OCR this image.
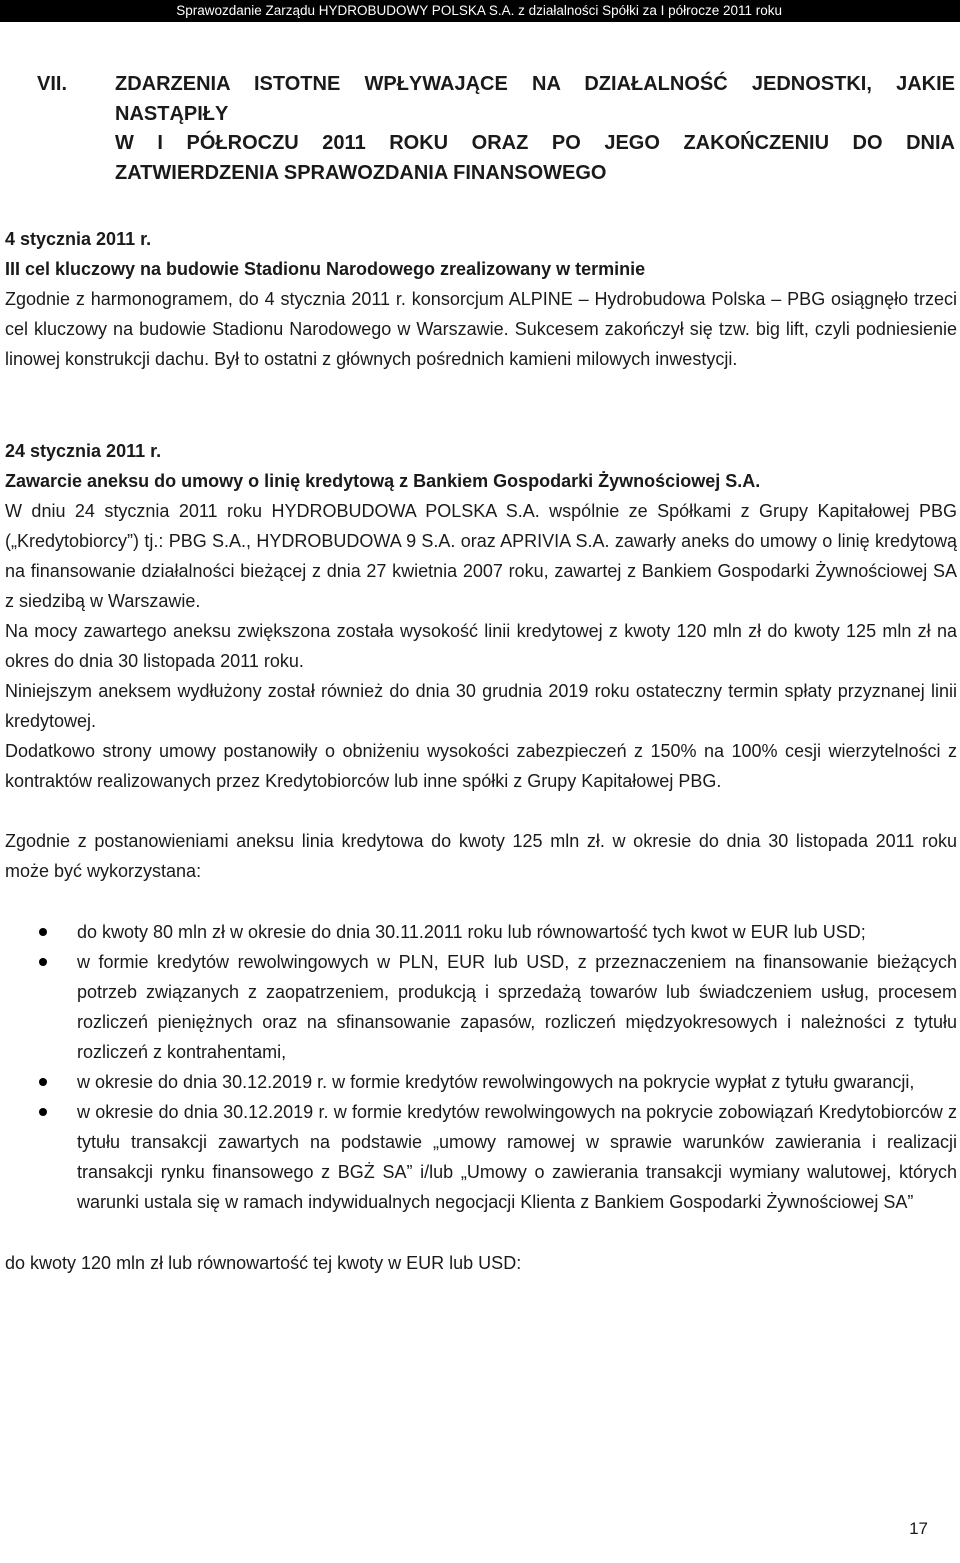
Sprawozdanie Zarządu HYDROBUDOWY POLSKA S.A. z działalności Spółki za I półrocze 2011 roku
VII. ZDARZENIA ISTOTNE WPŁYWAJĄCE NA DZIAŁALNOŚĆ JEDNOSTKI, JAKIE NASTĄPIŁY
W I PÓŁROCZU 2011 ROKU ORAZ PO JEGO ZAKOŃCZENIU DO DNIA
ZATWIERDZENIA SPRAWOZDANIA FINANSOWEGO

4 stycznia 2011 r.

III cel kluczowy na budowie Stadionu Narodowego zrealizowany w terminie

Zgodnie z harmonogramem, do 4 stycznia 2011 r. konsorcjum ALPINE – Hydrobudowa Polska – PBG osiągnęło trzeci cel kluczowy na budowie Stadionu Narodowego w Warszawie. Sukcesem zakończył się tzw. big lift, czyli podniesienie linowej konstrukcji dachu. Był to ostatni z głównych pośrednich kamieni milowych inwestycji.

24 stycznia 2011 r.

Zawarcie aneksu do umowy o linię kredytową z Bankiem Gospodarki Żywnościowej S.A.

W dniu 24 stycznia 2011 roku HYDROBUDOWA POLSKA S.A. wspólnie ze Spółkami z Grupy Kapitałowej PBG („Kredytobiorcy”) tj.: PBG S.A., HYDROBUDOWA 9 S.A. oraz APRIVIA S.A. zawarły aneks do umowy o linię kredytową na finansowanie działalności bieżącej z dnia 27 kwietnia 2007 roku, zawartej z Bankiem Gospodarki Żywnościowej SA z siedzibą w Warszawie.

Na mocy zawartego aneksu zwiększona została wysokość linii kredytowej z kwoty 120 mln zł do kwoty 125 mln zł na okres do dnia 30 listopada 2011 roku.

Niniejszym aneksem wydłużony został również do dnia 30 grudnia 2019 roku ostateczny termin spłaty przyznanej linii kredytowej.

Dodatkowo strony umowy postanowiły o obniżeniu wysokości zabezpieczeń z 150% na 100% cesji wierzytelności z kontraktów realizowanych przez Kredytobiorców lub inne spółki z Grupy Kapitałowej PBG.

Zgodnie z postanowieniami aneksu linia kredytowa do kwoty 125 mln zł. w okresie do dnia 30 listopada 2011 roku może być wykorzystana:

do kwoty 80 mln zł w okresie do dnia 30.11.2011 roku lub równowartość tych kwot w EUR lub USD;
w formie kredytów rewolwingowych w PLN, EUR lub USD, z przeznaczeniem na finansowanie bieżących potrzeb związanych z zaopatrzeniem, produkcją i sprzedażą towarów lub świadczeniem usług, procesem rozliczeń pieniężnych oraz na sfinansowanie zapasów, rozliczeń międzyokresowych i należności z tytułu rozliczeń z kontrahentami,
w okresie do dnia 30.12.2019 r. w formie kredytów rewolwingowych na pokrycie wypłat z tytułu gwarancji,
w okresie do dnia 30.12.2019 r. w formie kredytów rewolwingowych na pokrycie zobowiązań Kredytobiorców z tytułu transakcji zawartych na podstawie „umowy ramowej w sprawie warunków zawierania i realizacji transakcji rynku finansowego z BGŻ SA” i/lub „Umowy o zawierania transakcji wymiany walutowej, których warunki ustala się w ramach indywidualnych negocjacji Klienta z Bankiem Gospodarki Żywnościowej SA”

do kwoty 120 mln zł lub równowartość tej kwoty w EUR lub USD:

17
